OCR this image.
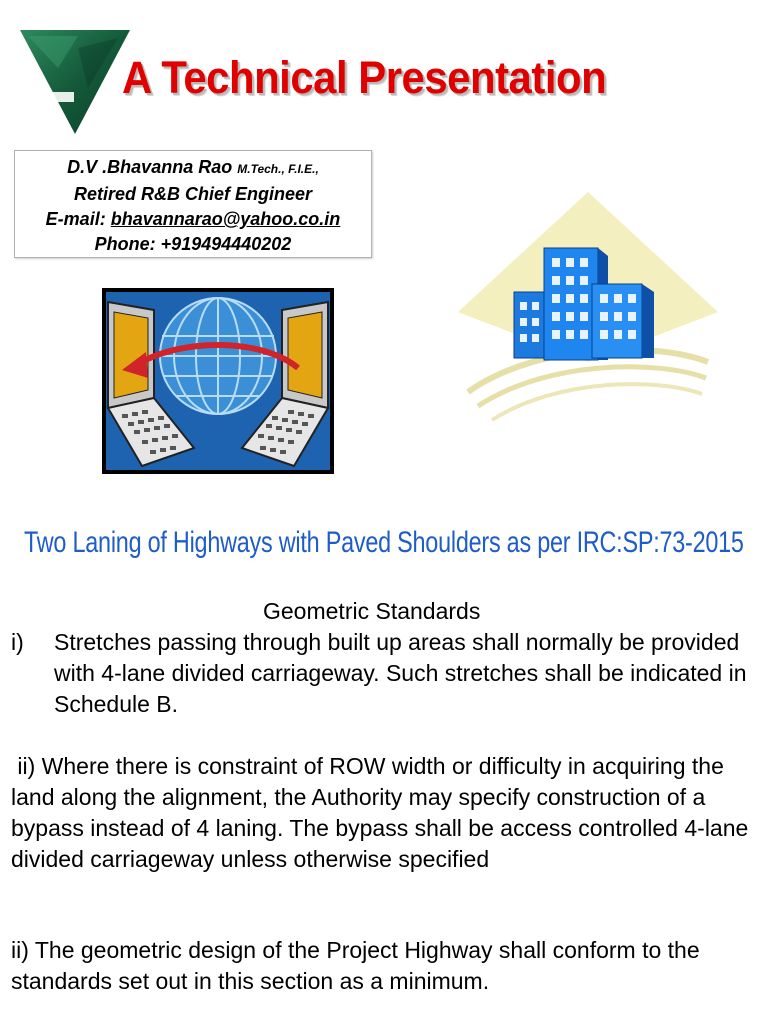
A Technical Presentation
D.V .Bhavanna Rao M.Tech., F.I.E.,
Retired R&B Chief Engineer
E-mail: bhavannarao@yahoo.co.in
Phone: +919494440202
Two Laning of Highways with Paved Shoulders as per IRC:SP:73-2015
Geometric Standards
i) Stretches passing through built up areas shall normally be provided with 4-lane divided carriageway. Such stretches shall be indicated in Schedule B.
ii) Where there is constraint of ROW width or difficulty in acquiring the land along the alignment, the Authority may specify construction of a bypass instead of 4 laning. The bypass shall be access controlled 4-lane divided carriageway unless otherwise specified
ii) The geometric design of the Project Highway shall conform to the standards set out in this section as a minimum.
